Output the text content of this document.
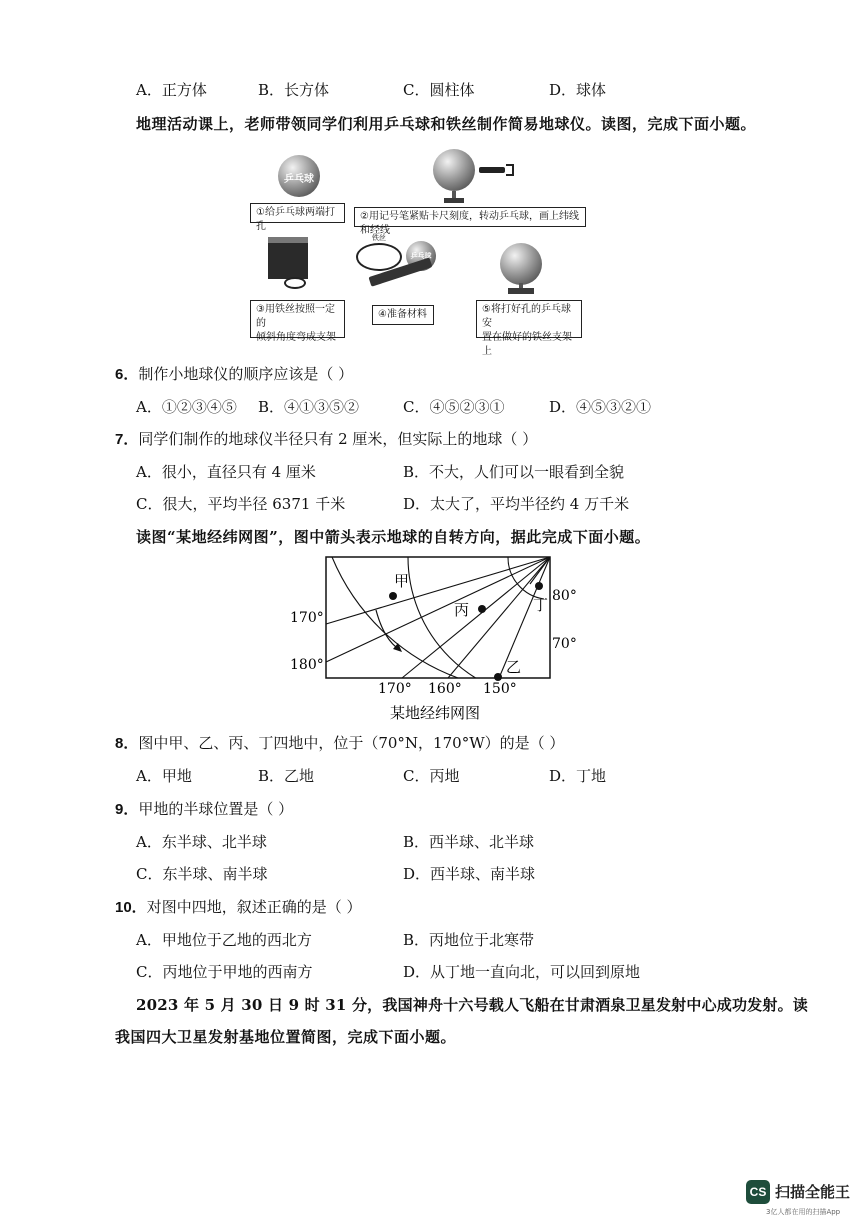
A．正方体	B．长方体	C．圆柱体	D．球体
地理活动课上，老师带领同学们利用乒乓球和铁丝制作简易地球仪。读图，完成下面小题。
乒乓球
①给乒乓球两端打孔
②用记号笔紧贴卡尺刻度，转动乒乓球，画上纬线和经线
③用铁丝按照一定的
倾斜角度弯成支架
铁丝
乒乓球
④准备材料	⑤将打好孔的乒乓球安
置在做好的铁丝支架上
6．制作小地球仪的顺序应该是（ ）
A．①②③④⑤ B．④①③⑤②	C．④⑤②③①	D．④⑤③②①
7．同学们制作的地球仪半径只有 2 厘米，但实际上的地球（ ）
A．很小，直径只有 4 厘米	B．不大，人们可以一眼看到全貌
C．很大，平均半径 6371 千米	D．太大了，平均半径约 4 万千米
读图“某地经纬网图”，图中箭头表示地球的自转方向，据此完成下面小题。
甲
丙	丁
乙
80°
70°
170°
180°
170° 160° 150°
某地经纬网图
8．图中甲、乙、丙、丁四地中，位于（70°N，170°W）的是（ ）
A．甲地	B．乙地	C．丙地	D．丁地
9．甲地的半球位置是（ ）
A．东半球、北半球	B．西半球、北半球
C．东半球、南半球	D．西半球、南半球
10．对图中四地，叙述正确的是（ ）
A．甲地位于乙地的西北方	B．丙地位于北寒带
C．丙地位于甲地的西南方	D．从丁地一直向北，可以回到原地
2023 年 5 月 30 日 9 时 31 分，我国神舟十六号载人飞船在甘肃酒泉卫星发射中心成功发射。读
我国四大卫星发射基地位置简图，完成下面小题。
CS 扫描全能王
3亿人都在用的扫描App
